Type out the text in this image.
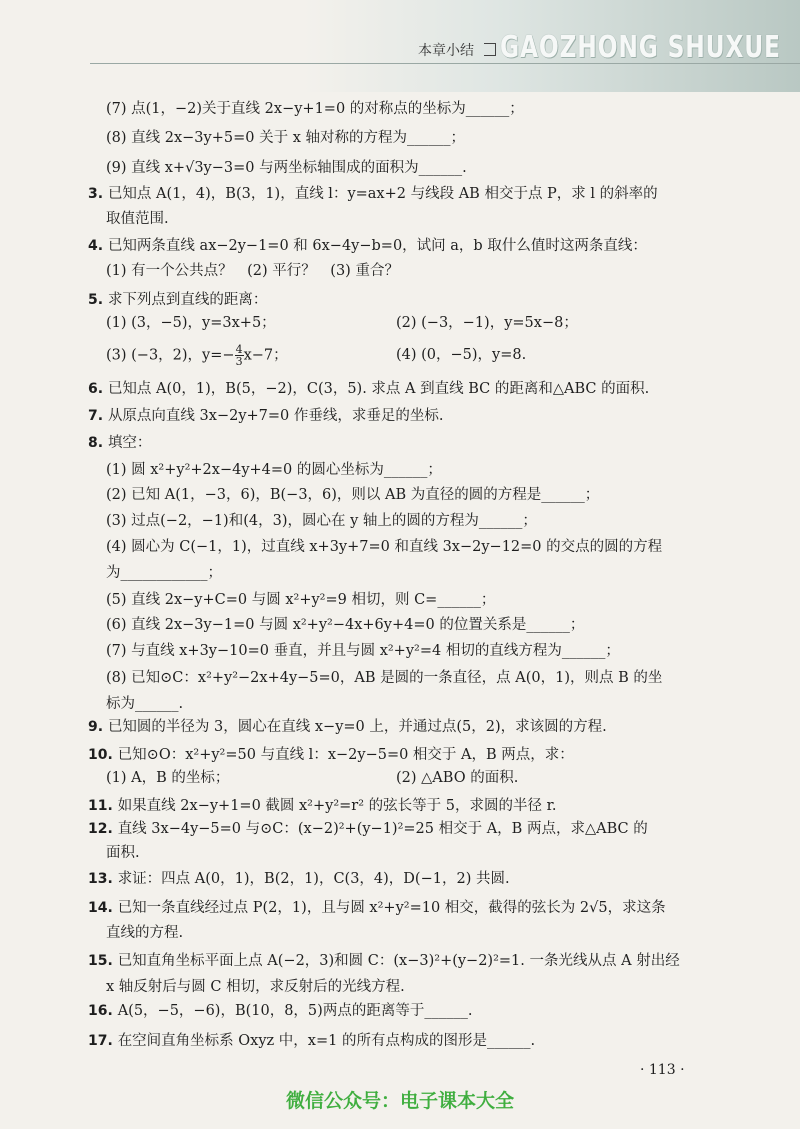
本章小结 GAOZHONG SHUXUE
(7) 点(1，−2)关于直线 2x−y+1=0 的对称点的坐标为______；
(8) 直线 2x−3y+5=0 关于 x 轴对称的方程为______；
(9) 直线 x+√3y−3=0 与两坐标轴围成的面积为______.
3. 已知点 A(1，4)，B(3，1)，直线 l：y=ax+2 与线段 AB 相交于点 P，求 l 的斜率的
取值范围.
4. 已知两条直线 ax−2y−1=0 和 6x−4y−b=0，试问 a，b 取什么值时这两条直线：
(1) 有一个公共点？　(2) 平行？　(3) 重合？
5. 求下列点到直线的距离：
(1) (3，−5)，y=3x+5；	(2) (−3，−1)，y=5x−8；
(3) (−3，2)，$y=- \frac{4}{3} x-7$；	(4) (0，−5)，y=8.
6. 已知点 A(0，1)，B(5，−2)，C(3，5). 求点 A 到直线 BC 的距离和△ABC 的面积.
7. 从原点向直线 3x−2y+7=0 作垂线，求垂足的坐标.
8. 填空：
(1) 圆 x²+y²+2x−4y+4=0 的圆心坐标为______；
(2) 已知 A(1，−3，6)，B(−3，6)，则以 AB 为直径的圆的方程是______；
(3) 过点(−2，−1)和(4，3)，圆心在 y 轴上的圆的方程为______；
(4) 圆心为 C(−1，1)，过直线 x+3y+7=0 和直线 3x−2y−12=0 的交点的圆的方程
为____________；
(5) 直线 2x−y+C=0 与圆 x²+y²=9 相切，则 C=______；
(6) 直线 2x−3y−1=0 与圆 x²+y²−4x+6y+4=0 的位置关系是______；
(7) 与直线 x+3y−10=0 垂直，并且与圆 x²+y²=4 相切的直线方程为______；
(8) 已知⊙C：x²+y²−2x+4y−5=0，AB 是圆的一条直径，点 A(0，1)，则点 B 的坐
标为______.
9. 已知圆的半径为 3，圆心在直线 x−y=0 上，并通过点(5，2)，求该圆的方程.
10. 已知⊙O：x²+y²=50 与直线 l：x−2y−5=0 相交于 A，B 两点，求：
(1) A，B 的坐标；	(2) △ABO 的面积.
11. 如果直线 2x−y+1=0 截圆 x²+y²=r² 的弦长等于 5，求圆的半径 r.
12. 直线 3x−4y−5=0 与⊙C：(x−2)²+(y−1)²=25 相交于 A，B 两点，求△ABC 的
面积.
13. 求证：四点 A(0，1)，B(2，1)，C(3，4)，D(−1，2) 共圆.
14. 已知一条直线经过点 P(2，1)，且与圆 x²+y²=10 相交，截得的弦长为 2√5，求这条
直线的方程.
15. 已知直角坐标平面上点 A(−2，3)和圆 C：(x−3)²+(y−2)²=1. 一条光线从点 A 射出经
x 轴反射后与圆 C 相切，求反射后的光线方程.
16. A(5，−5，−6)，B(10，8，5)两点的距离等于______.
17. 在空间直角坐标系 Oxyz 中，x=1 的所有点构成的图形是______.
· 113 ·
微信公众号：电子课本大全
